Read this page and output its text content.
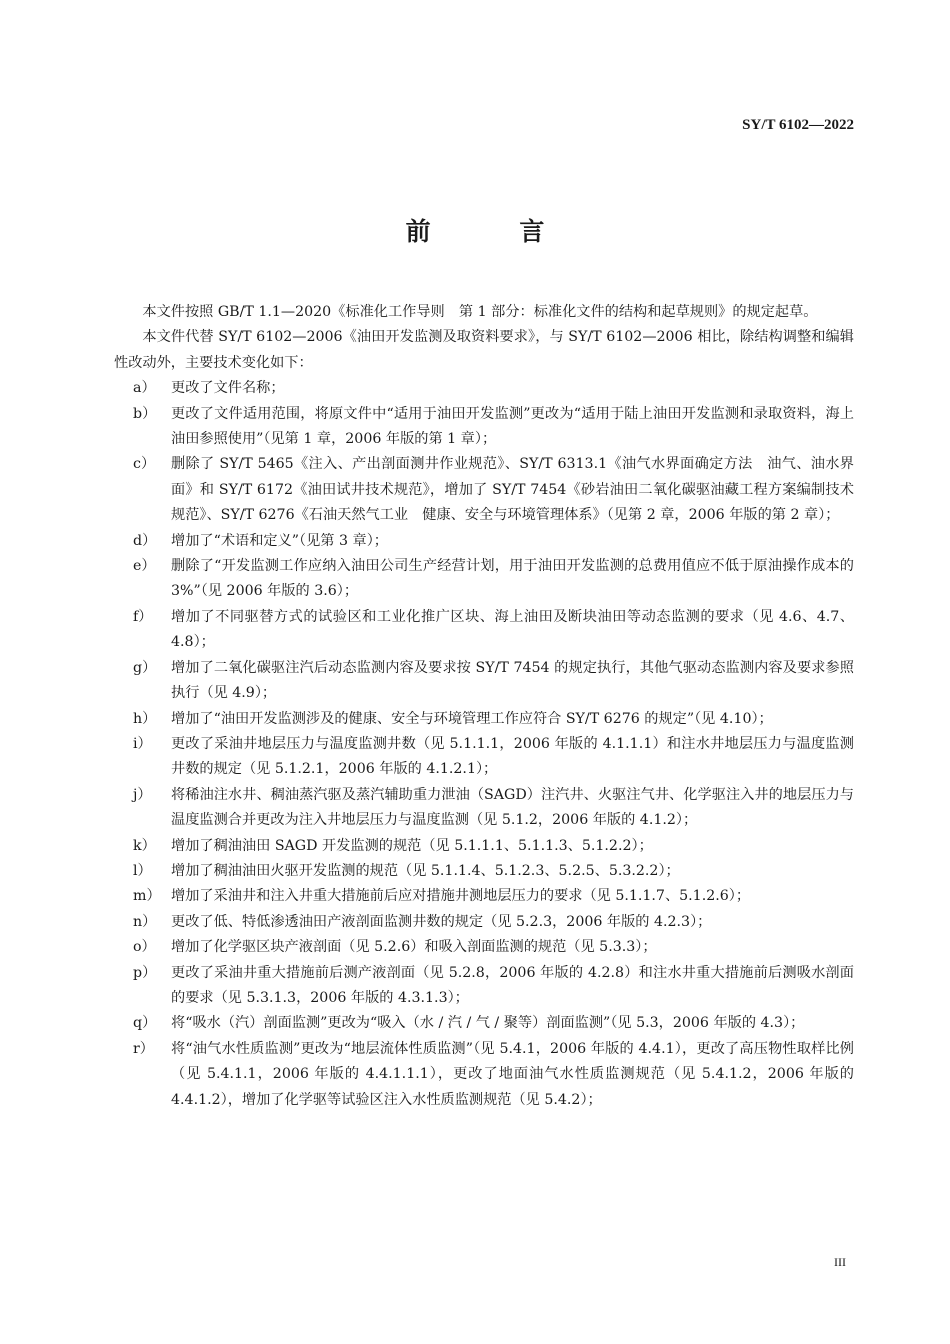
SY/T 6102—2022
前 言

本文件按照 GB/T 1.1—2020《标准化工作导则　第 1 部分：标准化文件的结构和起草规则》的规定起草。

本文件代替 SY/T 6102—2006《油田开发监测及取资料要求》，与 SY/T 6102—2006 相比，除结构调整和编辑性改动外，主要技术变化如下：

a）	更改了文件名称；
b）	更改了文件适用范围，将原文件中“适用于油田开发监测”更改为“适用于陆上油田开发监测和录取资料，海上油田参照使用”（见第 1 章，2006 年版的第 1 章）；
c）	删除了 SY/T 5465《注入、产出剖面测井作业规范》、SY/T 6313.1《油气水界面确定方法　油气、油水界面》和 SY/T 6172《油田试井技术规范》，增加了 SY/T 7454《砂岩油田二氧化碳驱油藏工程方案编制技术规范》、SY/T 6276《石油天然气工业　健康、安全与环境管理体系》（见第 2 章，2006 年版的第 2 章）；
d）	增加了“术语和定义”（见第 3 章）；
e）	删除了“开发监测工作应纳入油田公司生产经营计划，用于油田开发监测的总费用值应不低于原油操作成本的 3%”（见 2006 年版的 3.6）；
f）	增加了不同驱替方式的试验区和工业化推广区块、海上油田及断块油田等动态监测的要求（见 4.6、4.7、4.8）；
g）	增加了二氧化碳驱注汽后动态监测内容及要求按 SY/T 7454 的规定执行，其他气驱动态监测内容及要求参照执行（见 4.9）；
h）	增加了“油田开发监测涉及的健康、安全与环境管理工作应符合 SY/T 6276 的规定”（见 4.10）；
i）	更改了采油井地层压力与温度监测井数（见 5.1.1.1，2006 年版的 4.1.1.1）和注水井地层压力与温度监测井数的规定（见 5.1.2.1，2006 年版的 4.1.2.1）；
j）	将稀油注水井、稠油蒸汽驱及蒸汽辅助重力泄油（SAGD）注汽井、火驱注气井、化学驱注入井的地层压力与温度监测合并更改为注入井地层压力与温度监测（见 5.1.2，2006 年版的 4.1.2）；
k）	增加了稠油油田 SAGD 开发监测的规范（见 5.1.1.1、5.1.1.3、5.1.2.2）；
l）	增加了稠油油田火驱开发监测的规范（见 5.1.1.4、5.1.2.3、5.2.5、5.3.2.2）；
m） 增加了采油井和注入井重大措施前后应对措施井测地层压力的要求（见 5.1.1.7、5.1.2.6）；
n）	更改了低、特低渗透油田产液剖面监测井数的规定（见 5.2.3，2006 年版的 4.2.3）；
o）	增加了化学驱区块产液剖面（见 5.2.6）和吸入剖面监测的规范（见 5.3.3）；
p）	更改了采油井重大措施前后测产液剖面（见 5.2.8，2006 年版的 4.2.8）和注水井重大措施前后测吸水剖面的要求（见 5.3.1.3，2006 年版的 4.3.1.3）；
q）	将“吸水（汽）剖面监测”更改为“吸入（水 / 汽 / 气 / 聚等）剖面监测”（见 5.3，2006 年版的 4.3）；
r）	将“油气水性质监测”更改为“地层流体性质监测”（见 5.4.1，2006 年版的 4.4.1），更改了高压物性取样比例（见 5.4.1.1，2006 年版的 4.4.1.1.1），更改了地面油气水性质监测规范（见 5.4.1.2，2006 年版的 4.4.1.2），增加了化学驱等试验区注入水性质监测规范（见 5.4.2）；
III
